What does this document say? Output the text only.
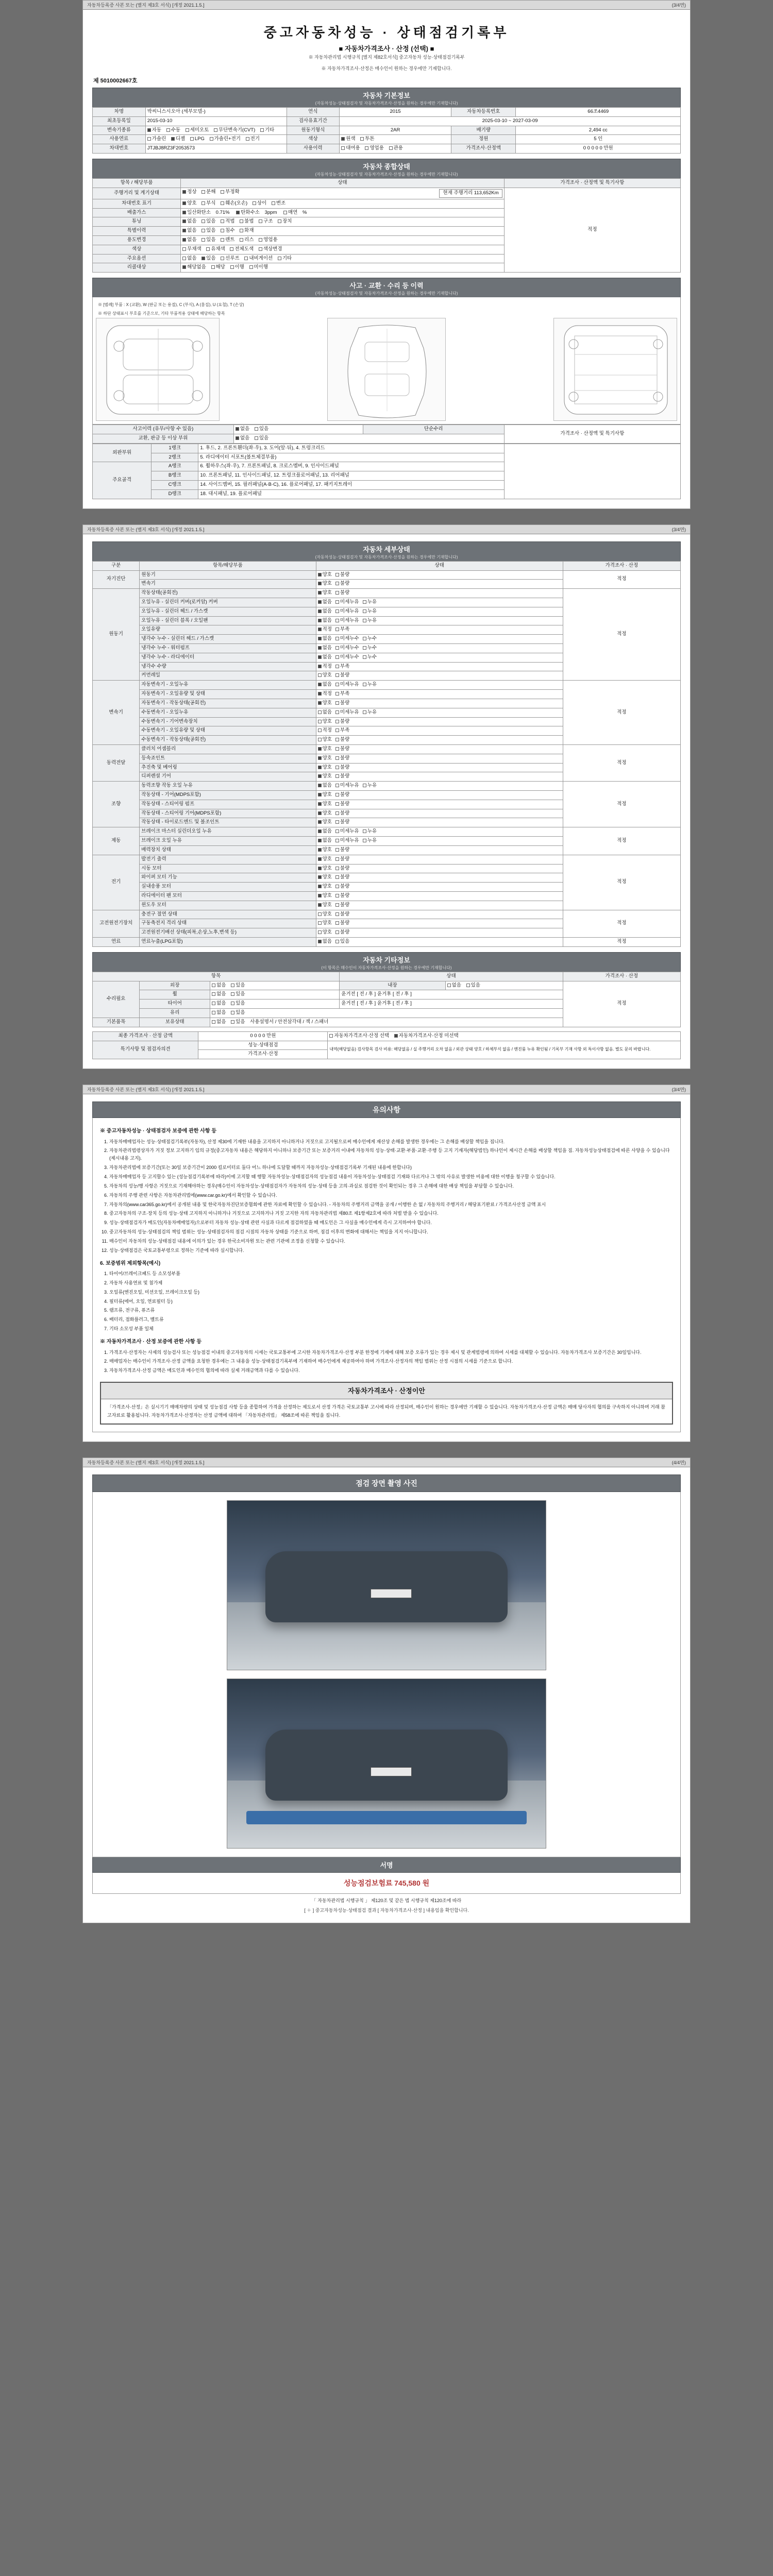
자동차등록증 사본 또는 (별지 제3호 서식) [개정 2021.1.5.]	(3/4면)
중고자동차성능 · 상태점검기록부
■ 자동차가격조사 · 산정 (선택) ■
※ 자동차관리법 시행규칙 [별지 제82호서식] 중고자동차 성능·상태점검기록부
※ 자동차가격조사·산정은 매수인이 원하는 경우에만 기재합니다.
제 5010002667호
자동차 기본정보
(자동차성능·상태점검자 및 자동차가격조사·산정을 원하는 경우에만 기재합니다)
차명	박씨니스시오아 (세부모델-)	연식	2015	자동차등록번호	66조4469
최초등록일	2015-03-10	검사유효기간	2025-03-10 ~ 2027-03-09		
변속기종류	자동 수동 세미오토 무단변속기(CVT) 기타	원동기형식	2AR	배기량	2,494 cc
사용연료	가솔린 디젤 LPG 가솔린+전기 전기	색상	원색 투톤	정원	5 인
차대번호	JTJBJ8RZ3F2053573	사용이력	대여용 영업용 관용	가격조사·산정액	0 0 0 0 0 만원
자동차 종합상태
(자동차성능·상태점검자 및 자동차가격조사·산정을 원하는 경우에만 기재합니다)
항목 / 해당부품	상태	가격조사 · 산정액 및 특기사항
주행거리 및 계기상태	정상 분해 부정확 현재 주행거리 113,652Km	적정
차대번호 표기	양호 부식 훼손(오손) 상이 변조	
배출가스	일산화탄소 0.71% 탄화수소 3ppm 매연 %	
튜닝	없음 있음 적법 불법 구조 장치	
특별이력	없음 있음 침수 화재	
용도변경	없음 있음 렌트 리스 영업용	
색상	무채색 유채색 전체도색 색상변경	
주요옵션	없음 있음 선루프 내비게이션 기타	
리콜대상	해당없음 해당 이행 미이행	
사고 · 교환 · 수리 등 이력
(자동차성능·상태점검자 및 자동차가격조사·산정을 원하는 경우에만 기재합니다)
※ [범례] 부품 : X (교환), W (판금 또는 용접), C (부식), A (흠집), U (요철), T (손상)
※ 하단 상태표시 부호를 기준으로, 기타 부품적용 상태에 해당하는 항목
사고이력 (유무/사항 수 있음)	없음 있음	단순수리	가격조사 · 산정액 및 특기사항
교환, 판금 등 이상 부위	없음 있음		
외판부위	1랭크	1. 후드, 2. 프론트휀더(좌·우), 3. 도어(앞·뒤), 4. 트렁크리드	
	2랭크	5. 라디에이터 서포트(볼트체결부품)	
주요골격	A랭크	6. 휠하우스(좌·우), 7. 프론트패널, 8. 크로스멤버, 9. 인사이드패널	
	B랭크	10. 프론트패널, 11. 인사이드패널, 12. 트렁크플로어패널, 13. 리어패널	
	C랭크	14. 사이드멤버, 15. 필러패널(A·B·C), 16. 플로어패널, 17. 패키지트레이	
	D랭크	18. 대시패널, 19. 플로어패널	
자동차등록증 사본 또는 (별지 제3호 서식) [개정 2021.1.5.]	(3/4면)
자동차 세부상태
(자동차성능·상태점검자 및 자동차가격조사·산정을 원하는 경우에만 기재합니다)
구분	항목/해당부품	상태	가격조사 · 산정
자기진단	원동기	양호 불량	적정
	변속기	양호 불량	
원동기	작동상태(공회전)	양호 불량	적정
	오일누유 - 실린더 커버(로커암) 커버	없음 미세누유 누유	
	오일누유 - 실린더 헤드 / 가스켓	없음 미세누유 누유	
	오일누유 - 실린더 블록 / 오일팬	없음 미세누유 누유	
	오일유량	적정 부족	
	냉각수 누수 - 실린더 헤드 / 가스켓	없음 미세누수 누수	
	냉각수 누수 - 워터펌프	없음 미세누수 누수	
	냉각수 누수 - 라디에이터	없음 미세누수 누수	
	냉각수 수량	적정 부족	
	커먼레일	양호 불량	
변속기	자동변속기 - 오일누유	없음 미세누유 누유	적정
	자동변속기 - 오일유량 및 상태	적정 부족	
	자동변속기 - 작동상태(공회전)	양호 불량	
	수동변속기 - 오일누유	없음 미세누유 누유	
	수동변속기 - 기어변속장치	양호 불량	
	수동변속기 - 오일유량 및 상태	적정 부족	
	수동변속기 - 작동상태(공회전)	양호 불량	
동력전달	클러치 어셈블리	양호 불량	적정
	등속죠인트	양호 불량	
	추진축 및 베어링	양호 불량	
	디퍼렌셜 기어	양호 불량	
조향	동력조향 작동 오일 누유	없음 미세누유 누유	적정
	작동상태 - 기어(MDPS포함)	양호 불량	
	작동상태 - 스티어링 펌프	양호 불량	
	작동상태 - 스티어링 기어(MDPS포함)	양호 불량	
	작동상태 - 타이로드엔드 및 볼조인트	양호 불량	
제동	브레이크 마스터 실린더오일 누유	없음 미세누유 누유	적정
	브레이크 오일 누유	없음 미세누유 누유	
	배력장치 상태	양호 불량	
전기	발전기 출력	양호 불량	적정
	시동 모터	양호 불량	
	와이퍼 모터 기능	양호 불량	
	실내송풍 모터	양호 불량	
	라디에이터 팬 모터	양호 불량	
	윈도우 모터	양호 불량	
고전원전기장치	충전구 절연 상태	양호 불량	적정
	구동축전지 격리 상태	양호 불량	
	고전원전기배선 상태(피복,손상,노후,변색 등)	양호 불량	
연료	연료누출(LPG포함)	없음 있음	적정
자동차 기타정보
(이 항목은 매수인이 자동차가격조사·산정을 원하는 경우에만 기재합니다)
항목			상태		가격조사 · 산정
수리필요	외장	없음 있음	내장	없음 있음	적정
	휠	없음 있음	윤거전 [ 전 / 후 ] 윤거후 [ 전 / 후 ]		
	타이어	없음 있음	윤거전 [ 전 / 후 ] 윤거후 [ 전 / 후 ]		
	유리	없음 있음			
기본품목	보유상태	없음 있음 사용설명서 / 안전삼각대 / 잭 / 스패너			
최종 가격조사 · 산정 금액	0 0 0 0 만원	자동차가격조사·산정 선택 자동차가격조사·산정 미선택
특기사항 및 점검자의견	성능·상태점검	내역(해당없음) 검사항목 검사 비용: 해당없음 / 실 주행거리 오차 없음 / 외관 상태 양호 / 하체부식 없음 / 엔진룸 누유 확인됨 / 기록부 기재 사항 외 특이사항 없음. 별도 문의 바랍니다.
	가격조사·산정	
자동차등록증 사본 또는 (별지 제3호 서식) [개정 2021.1.5.]	(3/4면)
유의사항
※ 중고자동차성능 · 상태점검자 보증에 관한 사항 등
1. 자동차매매업자는 성능·상태점검기록부(자동차), 산정 제30에 기재한 내용을 고지하지 아니하거나 거짓으로 고지될으로써 매수인에게 재산상 손해를 발생한 경우에는 그 손해를 배상할 책임을 집니다.
2. 자동차관리법령상자가 거짓 정보 고지하기 임의 규정(중고자동차 내용은 해당하지 아니하나 보증기간 또는 보증거리 이내에 자동차의 성능·상태·교환·부품·교환·주행 등 고지 기재자(해당법인) 하나인이 제시간 손해를 배상할 책임을 짐. 자동차성능상태점검에 따른 사양을 수 있습니다(제시내용 고지).
3. 자동차관리법에 보증기간(또는 30일 보증기간이 2000 킬로미터로 둘다 어느 하나에 도달할 때까지 자동차성능·상태점검기록부 기재된 내용에 한합니다)
4. 자동차매매업자 등 고지할수 있는 (성능점검기록부에 따라)이에 고지할 때 행할 자동차성능·상태점검자의 성능점검 내용이 자동차성능·상태점검 기재와 다르거나 그 밖의 사유로 발생한 비용에 대한 이행을 청구할 수 있습니다.
5. 자동차의 성능/행 사항은 거짓으로 기재해야하는 경우(매수인이 자동차성능·상태점검자가 자동차의 성능·상태 등을 고의·과실로 점검한 것이 확인되는 경우 그 손해에 대한 배상 책임을 부담할 수 있습니다.
6. 자동차의 주행 관련 사항은 자동차관리법에(www.car.go.kr)에서 확인할 수 있습니다.
7. 자동차의(www.car365.go.kr)에서 공개된 내용 및 한국자동차진단보증협회에 관한 자료에 확인할 수 있습니다. - 자동차의 주행거리 금액을 공개 / 이행한 손 없 / 자동차의 주행거리 / 해당표기완료 / 가격조사산정 금액 표시
8. 중고자동차의 구조·장치 등의 성능·상태 고지하지 아니하거나 거짓으로 고지하거나 거짓 고지한 자의 자동차관리법 제80조 제1항제2호에 따라 처벌 받을 수 있습니다.
9. 성능·상태점검자가 매도인(자동차매매업자)으로부터 자동차 성능·상태 관련 사실과 다르게 점검하였을 때 매도인은 그 사실을 매수인에게 즉시 고지하여야 합니다.
10. 중고자동차의 성능·상태점검의 책임 범위는 성능·상태점검자의 점검 시점의 자동차 상태를 기준으로 하며, 점검 이후의 변화에 대해서는 책임을 지지 아니합니다.
11. 매수인이 자동차의 성능·상태점검 내용에 이의가 있는 경우 한국소비자원 또는 관련 기관에 조정을 신청할 수 있습니다.
12. 성능·상태점검은 국토교통부령으로 정하는 기준에 따라 실시합니다.
6. 보증범위 제외항목(예시)
1. 타이어/브레이크패드 등 소모성부품
2. 자동차 사용연료 및 첨가제
3. 오일류(엔진오일, 미션오일, 브레이크오일 등)
4. 필터류(에어, 오일, 연료필터 등)
5. 램프류, 전구류, 퓨즈류
6. 배터리, 점화플러그, 벨트류
7. 기타 소모성 부품 일체
※ 자동차가격조사 · 산정 보증에 관한 사항 등
1. 가격조사·산정자는 사제의 성능검사 또는 성능점검 이내의 중고자동차의 시세는 국토교통부에 고시한 자동차가격조사·산정 부분 한정에 기재에 대해 보증 오류가 있는 경우 제시 및 관계법령에 의하여 시세를 대체할 수 있습니다. 자동차가격조사 보증기간은 30일입니다.
2. 매매업자는 매수인이 가격조사·산정 금액을 요청한 경우에는 그 내용을 성능·상태점검기록부에 기재하여 매수인에게 제공하여야 하며 가격조사·산정자의 책임 범위는 산정 시점의 시세를 기준으로 합니다.
3. 자동차가격조사·산정 금액은 매도인과 매수인의 협의에 따라 실제 거래금액과 다를 수 있습니다.
자동차가격조사 · 산정이안
「가격조사·산정」은 실시기기 매매차량의 상태 및 성능점검 사항 등을 종합하여 가격을 산정하는 제도로서 산정 가격은 국토교통부 고시에 따라 산정되며, 매수인이 원하는 경우에만 기재할 수 있습니다. 자동차가격조사·산정 금액은 매매 당사자의 협의를 구속하지 아니하며 거래 참고자료로 활용됩니다. 자동차가격조사·산정자는 산정 금액에 대하여 「자동차관리법」 제58조에 따른 책임을 집니다.
자동차등록증 사본 또는 (별지 제3호 서식) [개정 2021.1.5.]	(4/4면)
점검 장면 촬영 사진
서명
성능점검보험료 745,580 원
「 자동차관리법 시행규칙 」 제120조 및 같은 법 시행규칙 제120조에 따라
[ ＋ ] 중고자동차성능·상태점검 결과 [ 자동차가격조사·산정 ] 내용임을 확인합니다.
